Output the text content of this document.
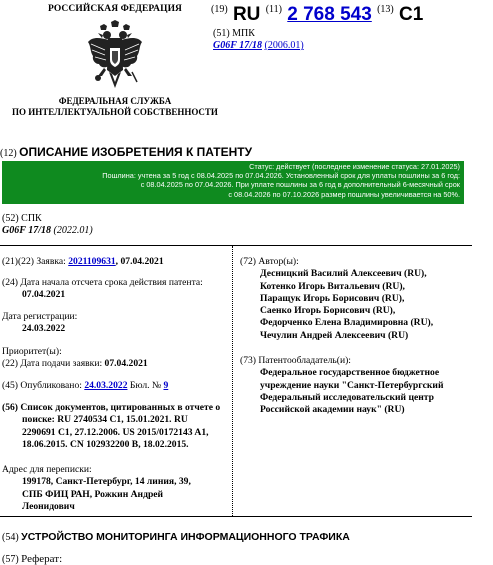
РОССИЙСКАЯ ФЕДЕРАЦИЯ
ФЕДЕРАЛЬНАЯ СЛУЖБА
ПО ИНТЕЛЛЕКТУАЛЬНОЙ СОБСТВЕННОСТИ
$^{(19)}$ RU $^{(11)}$ 2 768 543 $^{(13)}$ C1
(51) МПК
G06F 17/18 (2006.01)
(12) ОПИСАНИЕ ИЗОБРЕТЕНИЯ К ПАТЕНТУ
Статус: действует (последнее изменение статуса: 27.01.2025)
Пошлина: учтена за 5 год с 08.04.2025 по 07.04.2026. Установленный срок для уплаты пошлины за 6 год:
с 08.04.2025 по 07.04.2026. При уплате пошлины за 6 год в дополнительный 6-месячный срок
с 08.04.2026 по 07.10.2026 размер пошлины увеличивается на 50%.
(52) СПК
G06F 17/18 (2022.01)
(21)(22) Заявка: 2021109631, 07.04.2021
(24) Дата начала отсчета срока действия патента:
07.04.2021
Дата регистрации:
24.03.2022
Приоритет(ы):
(22) Дата подачи заявки: 07.04.2021
(45) Опубликовано: 24.03.2022 Бюл. № 9
(56) Список документов, цитированных в отчете о
поиске: RU 2740534 C1, 15.01.2021. RU
2290691 C1, 27.12.2006. US 2015/0172143 A1,
18.06.2015. CN 102932200 B, 18.02.2015.
Адрес для переписки:
199178, Санкт-Петербург, 14 линия, 39,
СПБ ФИЦ РАН, Рожкин Андрей
Леонидович
(72) Автор(ы):
Десницкий Василий Алексеевич (RU),
Котенко Игорь Витальевич (RU),
Паращук Игорь Борисович (RU),
Саенко Игорь Борисович (RU),
Федорченко Елена Владимировна (RU),
Чечулин Андрей Алексеевич (RU)
(73) Патентообладатель(и):
Федеральное государственное бюджетное
учреждение науки "Санкт-Петербургский
Федеральный исследовательский центр
Российской академии наук" (RU)
(54) УСТРОЙСТВО МОНИТОРИНГА ИНФОРМАЦИОННОГО ТРАФИКА
(57) Реферат:
